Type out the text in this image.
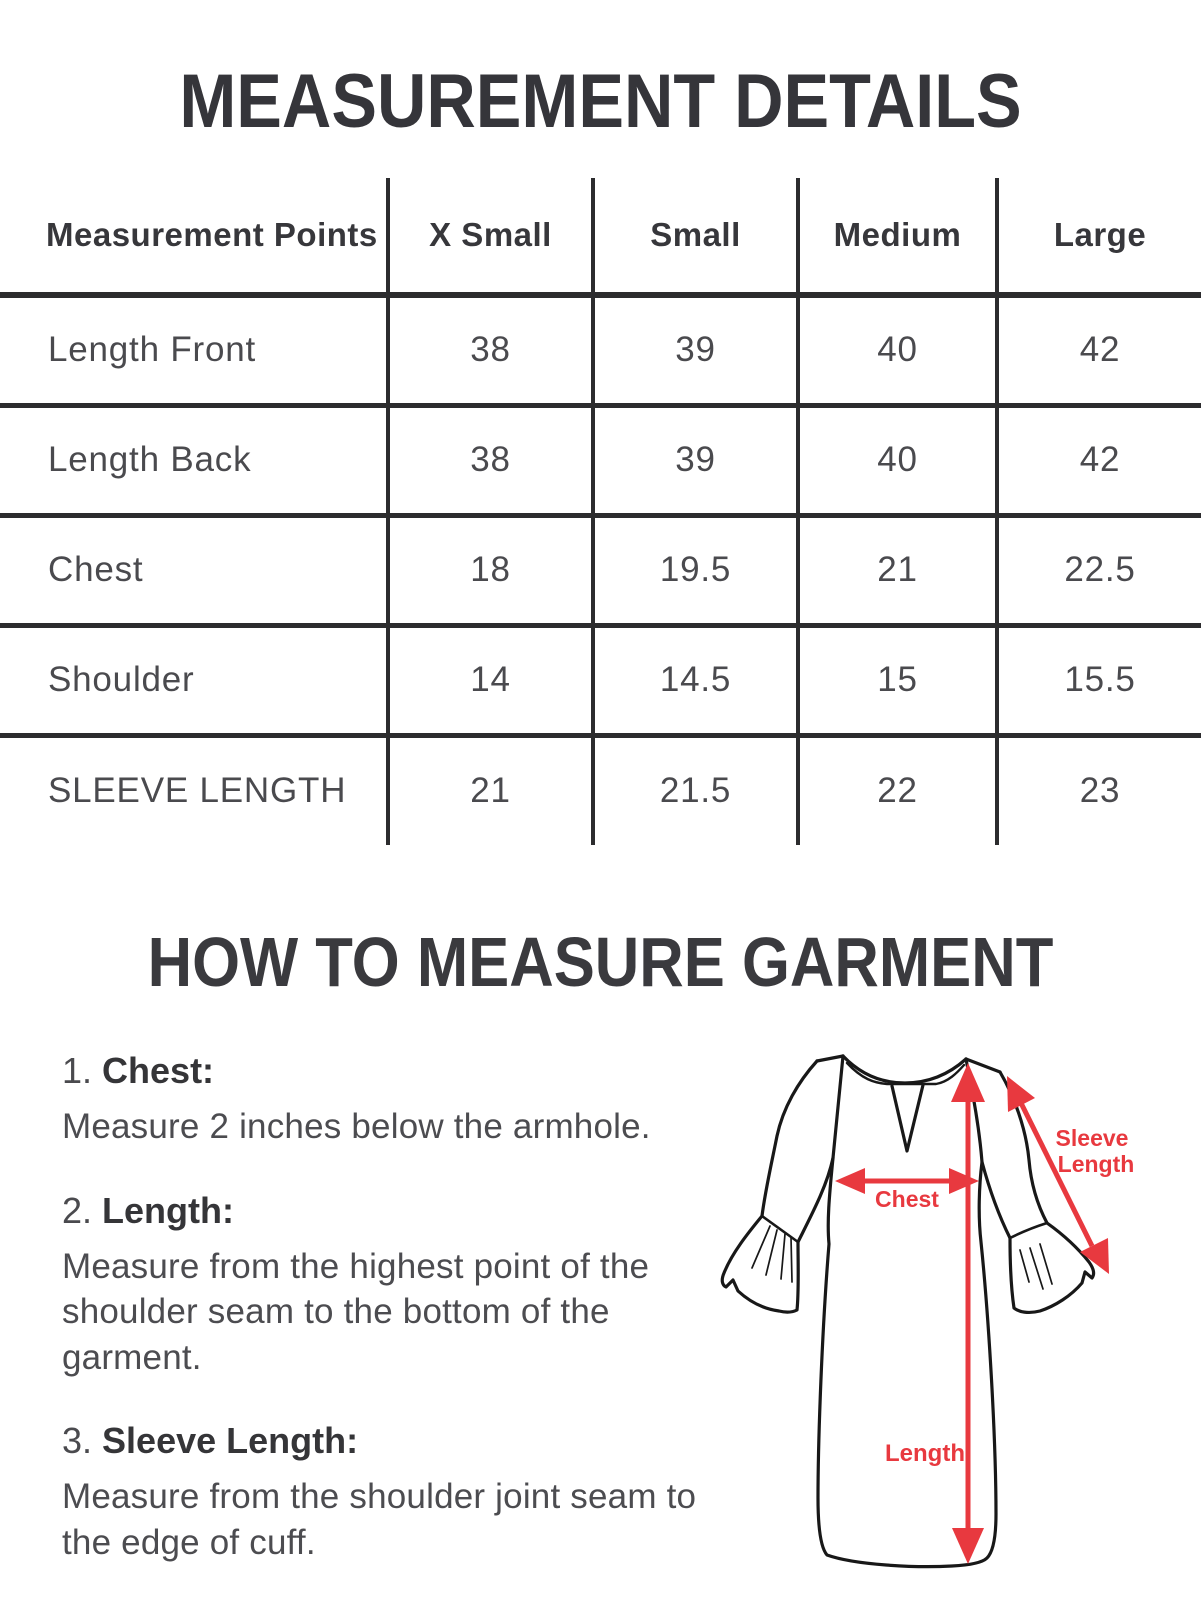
MEASUREMENT DETAILS
Measurement Points	X Small	Small	Medium	Large
Length Front	38	39	40	42
Length Back	38	39	40	42
Chest	18	19.5	21	22.5
Shoulder	14	14.5	15	15.5
SLEEVE LENGTH	21	21.5	22	23
HOW TO MEASURE GARMENT
1. Chest:

Measure 2 inches below the armhole.

2. Length:

Measure from the highest point of the shoulder seam to the bottom of the garment.

3. Sleeve Length:

Measure from the shoulder joint seam to the edge of cuff.

Chest
Sleeve
Length
Length
